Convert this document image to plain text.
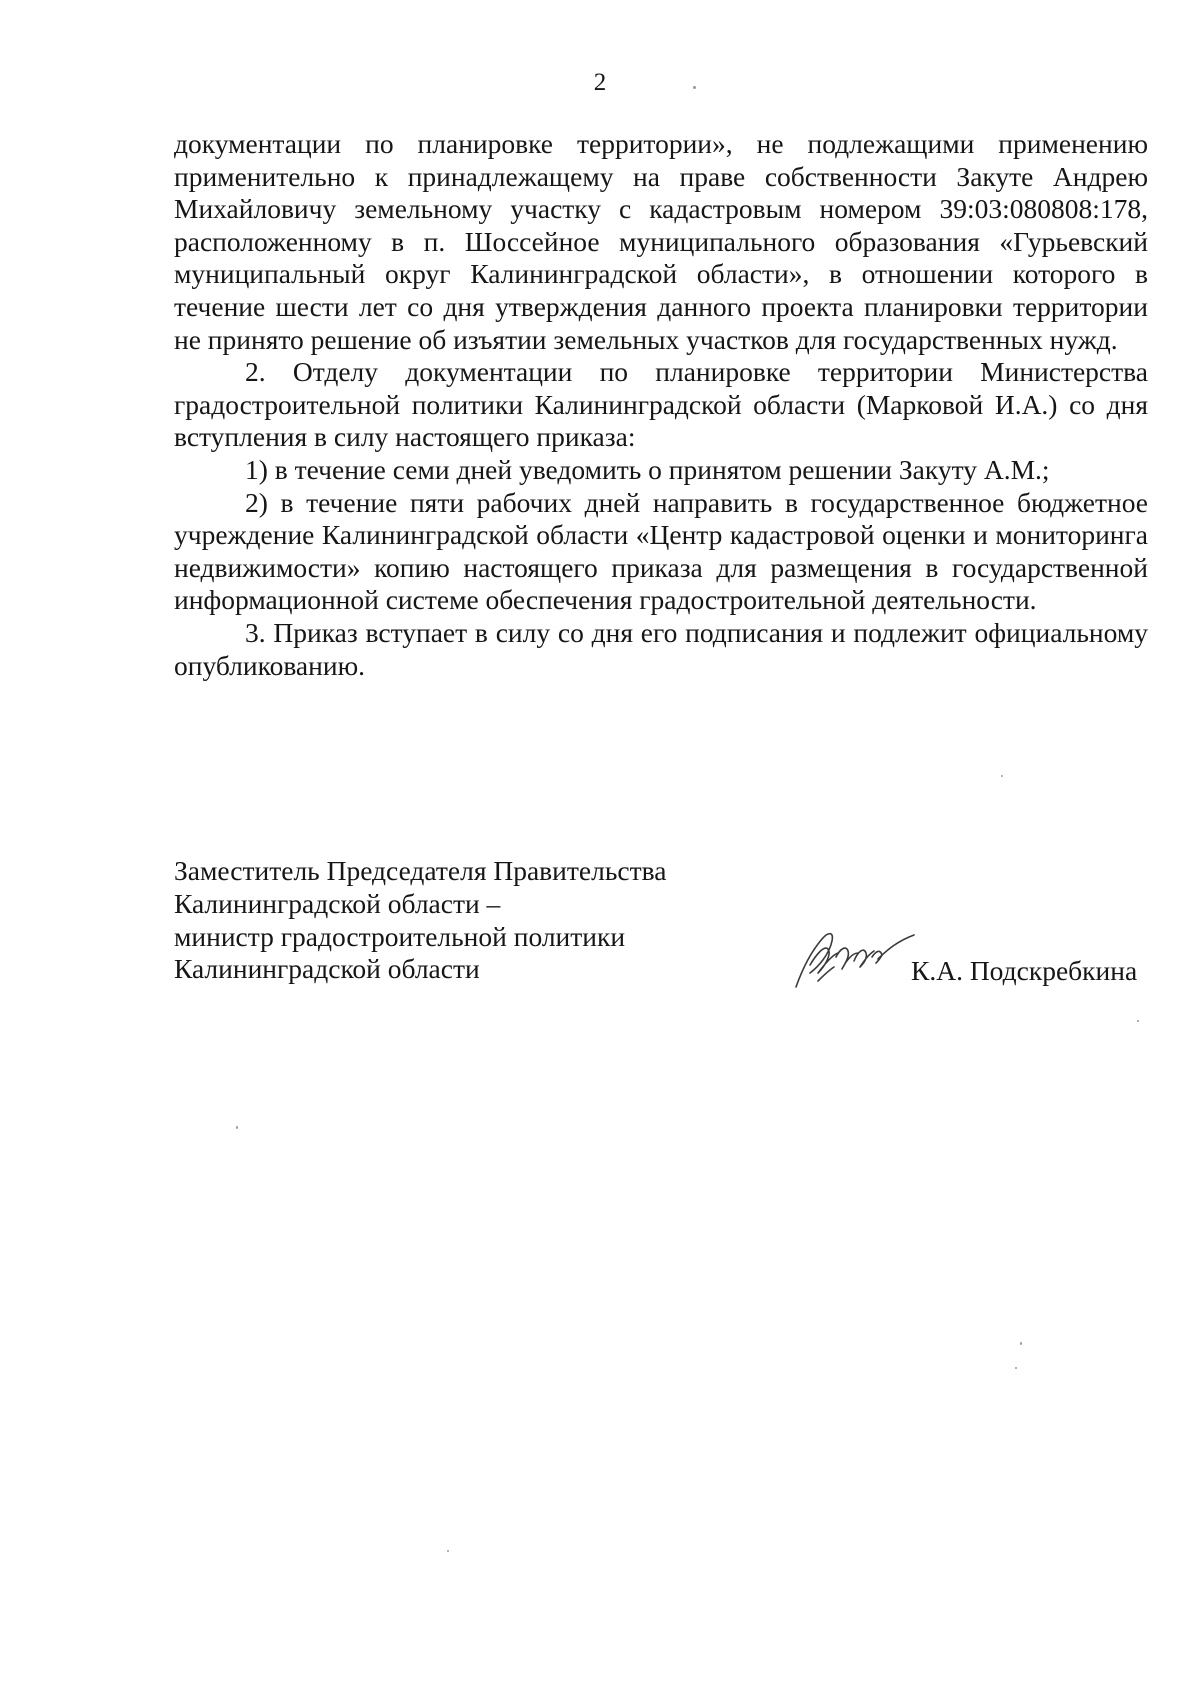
2

документации по планировке территории», не подлежащими применению применительно к принадлежащему на праве собственности Закуте Андрею Михайловичу земельному участку с кадастровым номером 39:03:080808:178, расположенному в п. Шоссейное муниципального образования «Гурьевский муниципальный округ Калининградской области», в отношении которого в течение шести лет со дня утверждения данного проекта планировки территории не принято решение об изъятии земельных участков для государственных нужд.

2. Отделу документации по планировке территории Министерства градостроительной политики Калининградской области (Марковой И.А.) со дня вступления в силу настоящего приказа:

1) в течение семи дней уведомить о принятом решении Закуту А.М.;

2) в течение пяти рабочих дней направить в государственное бюджетное учреждение Калининградской области «Центр кадастровой оценки и мониторинга недвижимости» копию настоящего приказа для размещения в государственной информационной системе обеспечения градостроительной деятельности.

3. Приказ вступает в силу со дня его подписания и подлежит официальному опубликованию.

Заместитель Председателя Правительства
Калининградской области –
министр градостроительной политики
Калининградской области	К.А. Подскребкина
